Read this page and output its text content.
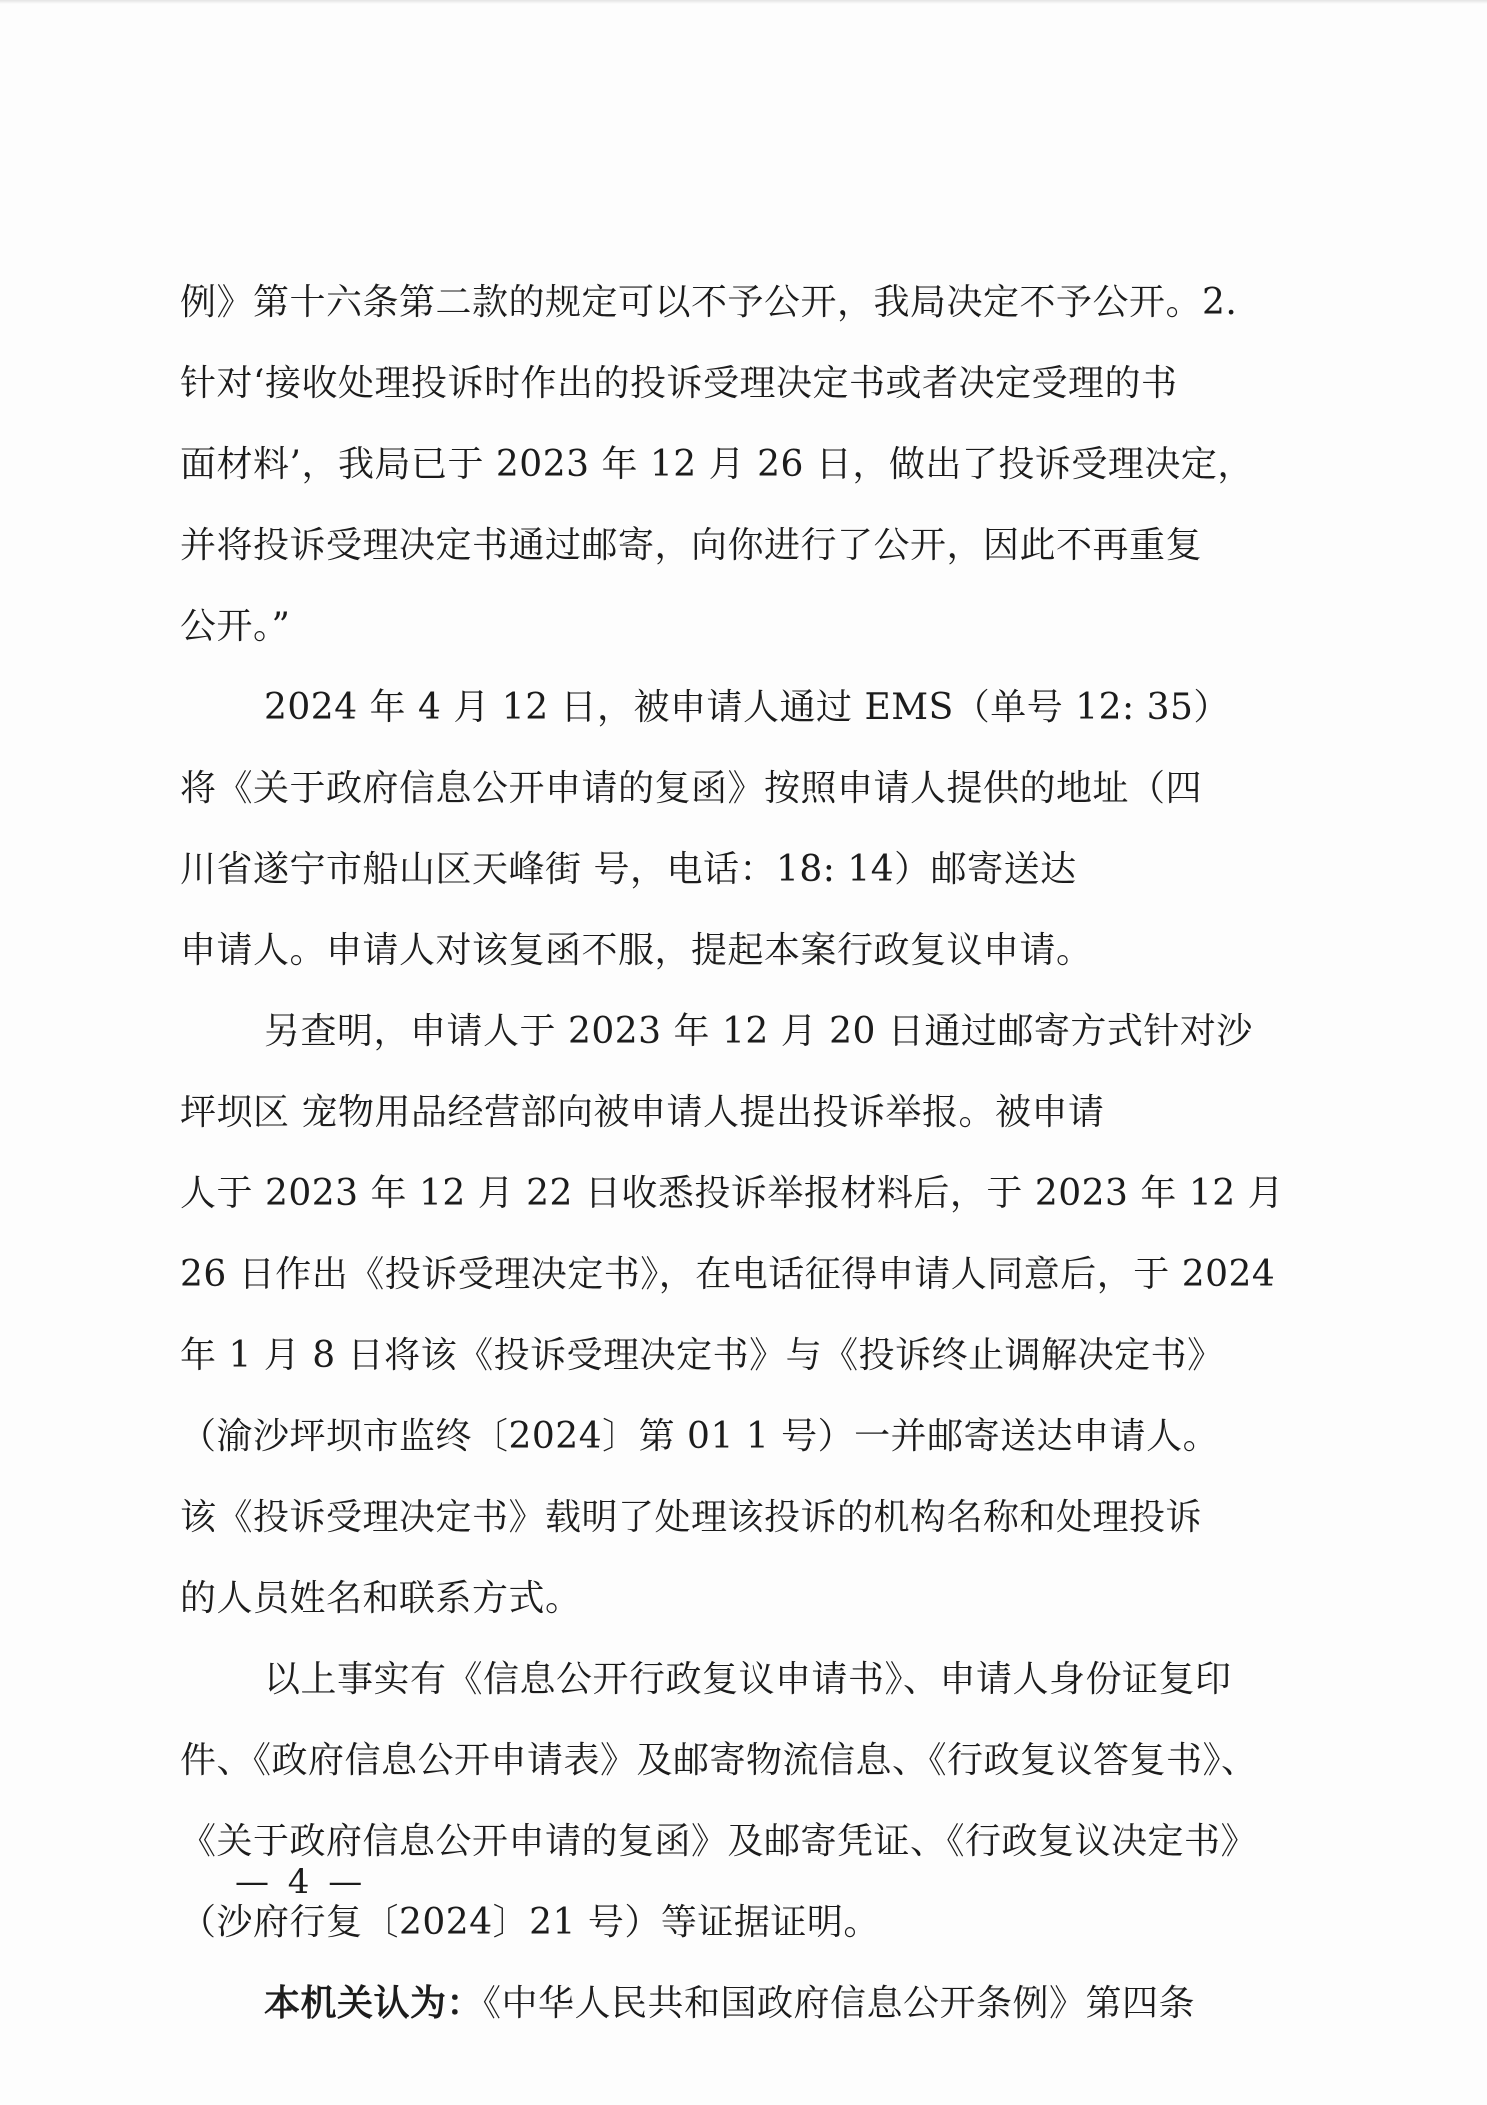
例》第十六条第二款的规定可以不予公开，我局决定不予公开。2.
针对‘接收处理投诉时作出的投诉受理决定书或者决定受理的书
面材料’，我局已于 2023 年 12 月 26 日，做出了投诉受理决定，
并将投诉受理决定书通过邮寄，向你进行了公开，因此不再重复
公开。”

2024 年 4 月 12 日，被申请人通过 EMS（单号 12: 35）
将《关于政府信息公开申请的复函》按照申请人提供的地址（四
川省遂宁市船山区天峰街 号，电话：18: 14）邮寄送达
申请人。申请人对该复函不服，提起本案行政复议申请。

另查明，申请人于 2023 年 12 月 20 日通过邮寄方式针对沙
坪坝区 宠物用品经营部向被申请人提出投诉举报。被申请
人于 2023 年 12 月 22 日收悉投诉举报材料后，于 2023 年 12 月
26 日作出《投诉受理决定书》，在电话征得申请人同意后，于 2024
年 1 月 8 日将该《投诉受理决定书》与《投诉终止调解决定书》
（渝沙坪坝市监终〔2024〕第 01 1 号）一并邮寄送达申请人。
该《投诉受理决定书》载明了处理该投诉的机构名称和处理投诉
的人员姓名和联系方式。

以上事实有《信息公开行政复议申请书》、申请人身份证复印
件、《政府信息公开申请表》及邮寄物流信息、《行政复议答复书》、
《关于政府信息公开申请的复函》及邮寄凭证、《行政复议决定书》
（沙府行复〔2024〕21 号）等证据证明。

本机关认为：《中华人民共和国政府信息公开条例》第四条

— 4 —
